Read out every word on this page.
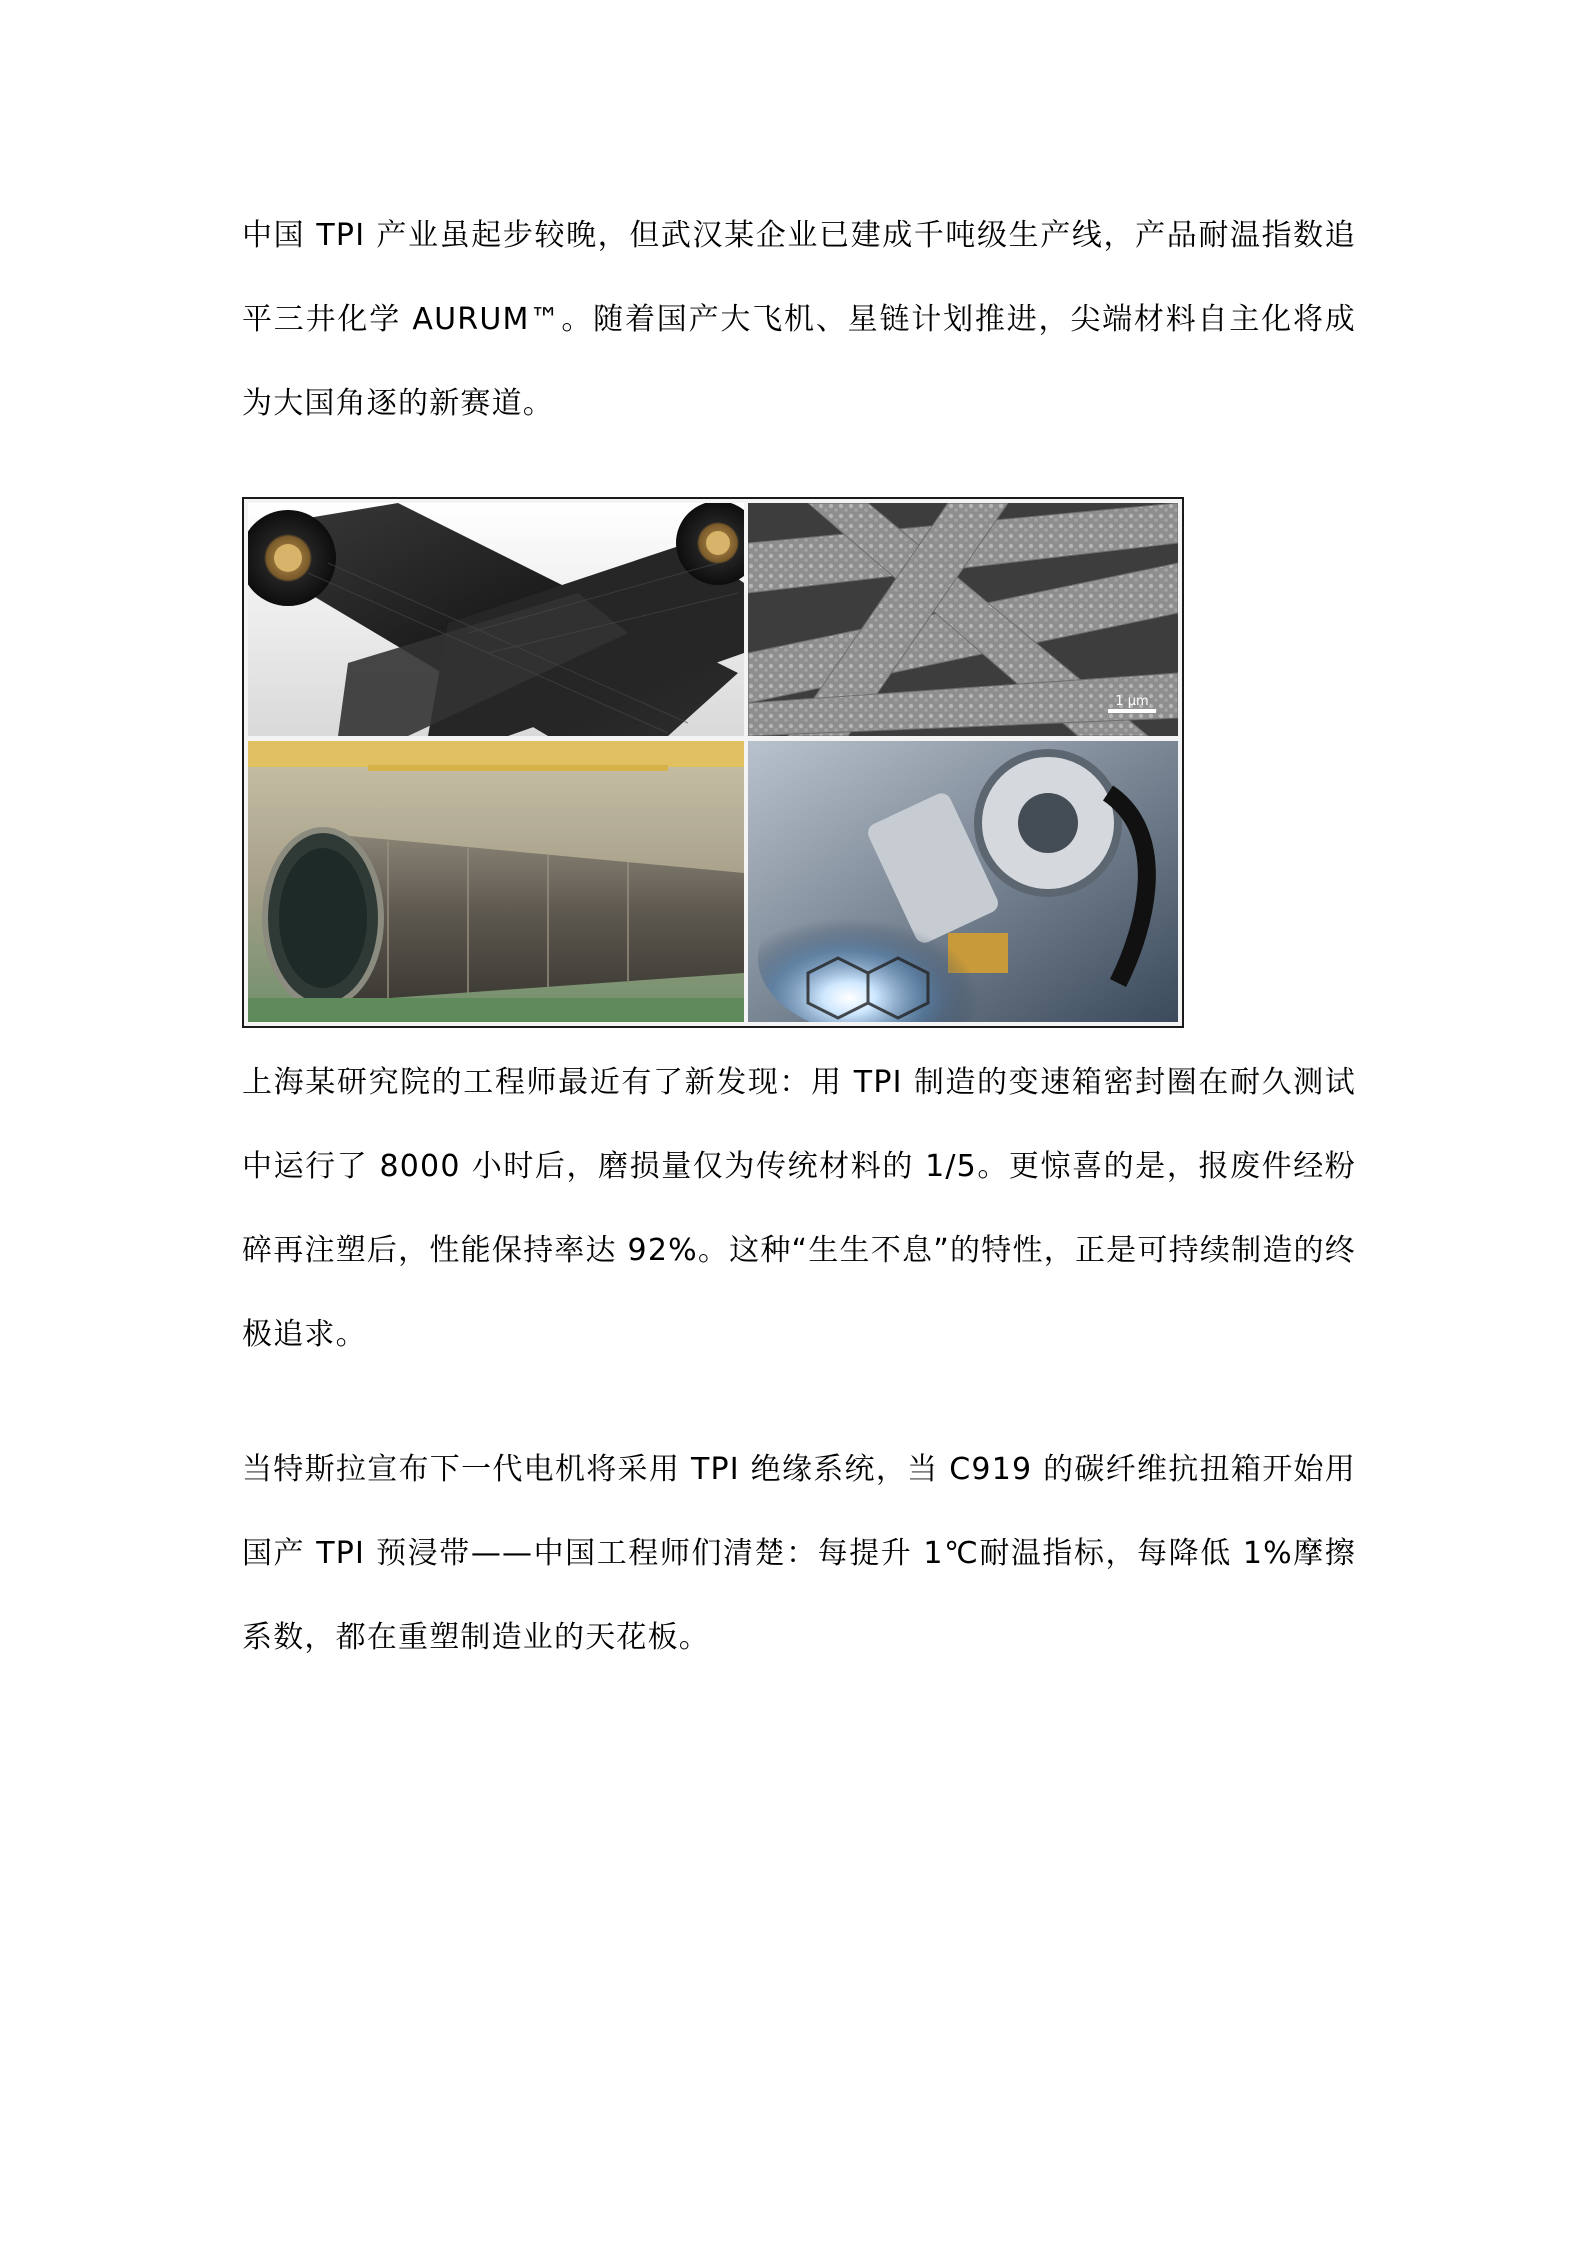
中国 TPI 产业虽起步较晚，但武汉某企业已建成千吨级生产线，产品耐温指数追平三井化学 AURUM™。随着国产大飞机、星链计划推进，尖端材料自主化将成为大国角逐的新赛道。

1 μm

上海某研究院的工程师最近有了新发现：用 TPI 制造的变速箱密封圈在耐久测试中运行了 8000 小时后，磨损量仅为传统材料的 1/5。更惊喜的是，报废件经粉碎再注塑后，性能保持率达 92%。这种“生生不息”的特性，正是可持续制造的终极追求。

当特斯拉宣布下一代电机将采用 TPI 绝缘系统，当 C919 的碳纤维抗扭箱开始用国产 TPI 预浸带——中国工程师们清楚：每提升 1℃耐温指标，每降低 1%摩擦系数，都在重塑制造业的天花板。
